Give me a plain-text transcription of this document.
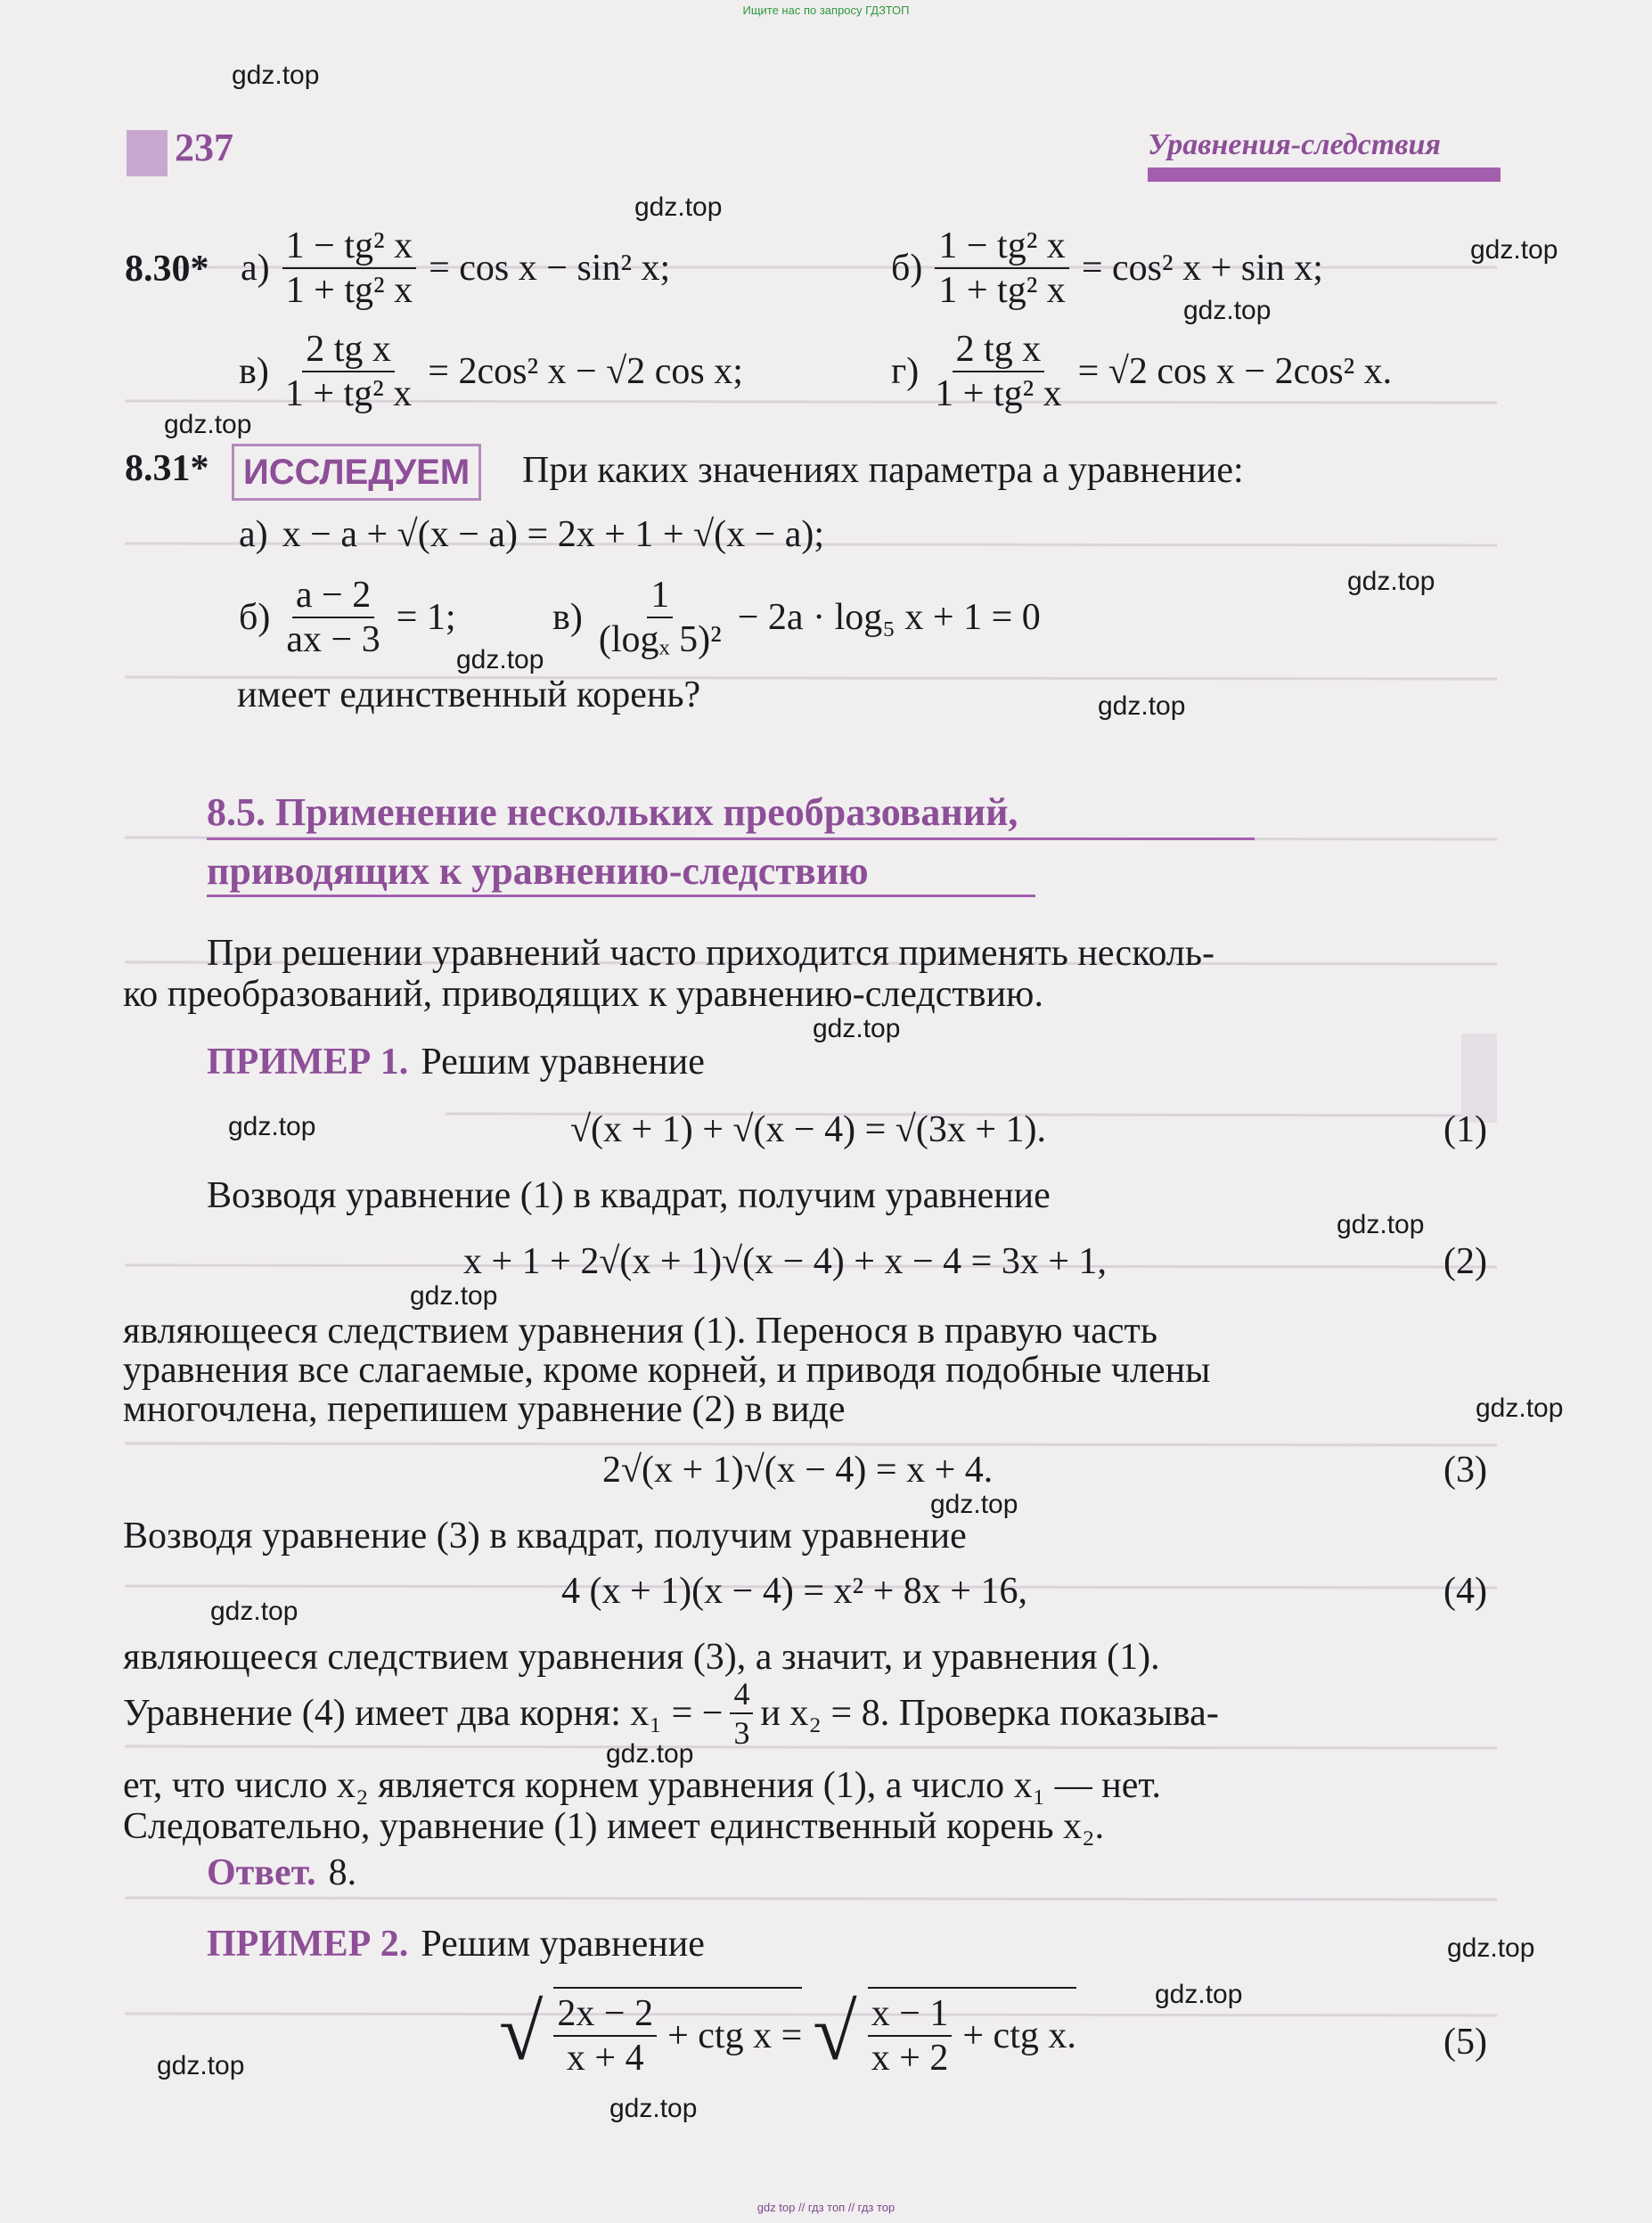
Ищите нас по запросу ГДЗТОП
gdz top // гдз топ // гдз тор
237	Уравнения-следствия
gdz.top
gdz.top
gdz.top
gdz.top
gdz.top
gdz.top
gdz.top
gdz.top
gdz.top
gdz.top
gdz.top
gdz.top
gdz.top
gdz.top
gdz.top
gdz.top
gdz.top
gdz.top
gdz.top
gdz.top
8.30* $а) \frac{\text{1 − tg² x}}{\text{1 + tg² x}} = \cos x - \sin^2$ x;	$б) \frac{\text{1 − tg² x}}{\text{1 + tg² x}} = \cos^2$ x + sin x;
$в) \frac{\text{2 tg x}}{\text{1 + tg² x}} = 2\cos^2$ x − √2 cos x;	$г) \frac{\text{2 tg x}}{\text{1 + tg² x}} = √2$ cos x − 2cos² x.
8.31* ИССЛЕДУЕМ	При каких значениях параметра a уравнение:
а) x − a + √(x − a) = 2x + 1 + √(x − a);
$б) \frac{a - 2}{ax - 3} = 1$;	$в) \frac{1}{\text{(logₓ 5)²}} - 2a \cdot \log_5$ x + 1 = 0
имеет единственный корень?
8.5. Применение нескольких преобразований,
приводящих к уравнению-следствию
При решении уравнений часто приходится применять несколь-
ко преобразований, приводящих к уравнению-следствию.
ПРИМЕР 1. Решим уравнение
√(x + 1) + √(x − 4) = √(3x + 1).	(1)
Возводя уравнение (1) в квадрат, получим уравнение
x + 1 + 2√(x + 1)√(x − 4) + x − 4 = 3x + 1,	(2)
являющееся следствием уравнения (1). Перенося в правую часть
уравнения все слагаемые, кроме корней, и приводя подобные члены
многочлена, перепишем уравнение (2) в виде
2√(x + 1)√(x − 4) = x + 4.	(3)
Возводя уравнение (3) в квадрат, получим уравнение
4 (x + 1)(x − 4) = x² + 8x + 16,	(4)
являющееся следствием уравнения (3), а значит, и уравнения (1).
Уравнение (4) имеет два корня: x₁ = − $\frac{4}{3}$ и x₂ = 8. Проверка показыва-
ет, что число x₂ является корнем уравнения (1), а число x₁ — нет.
Следовательно, уравнение (1) имеет единственный корень x₂.
Ответ. 8.
ПРИМЕР 2. Решим уравнение
√ $\frac{2x - 2}{x + 4}$ + ctg x = √ $\frac{x - 1}{x + 2}$ + ctg x.	(5)
